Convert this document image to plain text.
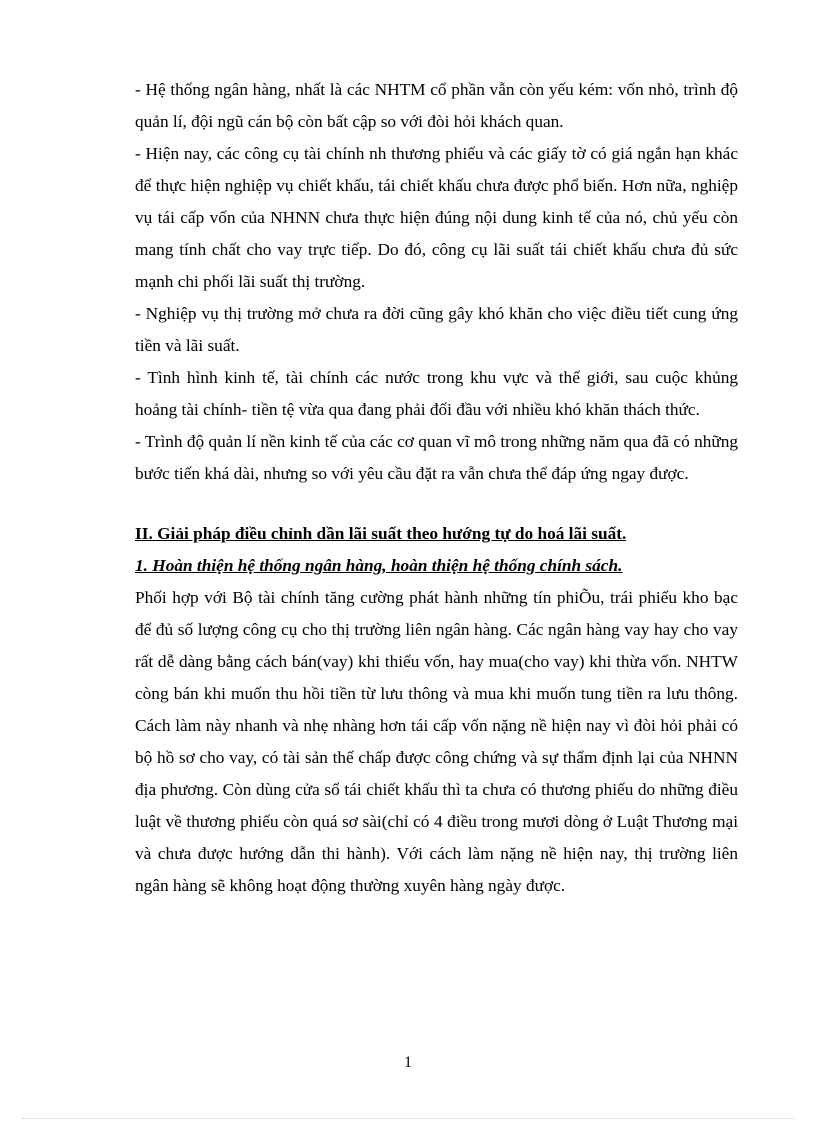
- Hệ thống ngân hàng, nhất là các NHTM cổ phần vẫn còn yếu kém: vốn nhỏ, trình độ quản lí, đội ngũ cán bộ còn bất cập so với đòi hỏi khách quan.

- Hiện nay, các công cụ tài chính nh thương phiếu và các giấy tờ có giá ngắn hạn khác để thực hiện nghiệp vụ chiết khấu, tái chiết khấu chưa được phổ biến. Hơn nữa, nghiệp vụ tái cấp vốn của NHNN chưa thực hiện đúng nội dung kinh tế của nó, chủ yếu còn mang tính chất cho vay trực tiếp. Do đó, công cụ lãi suất tái chiết khấu chưa đủ sức mạnh chi phối lãi suất thị trường.

- Nghiệp vụ thị trường mở chưa ra đời cũng gây khó khăn cho việc điều tiết cung ứng tiền và lãi suất.

- Tình hình kinh tế, tài chính các nước trong khu vực và thế giới, sau cuộc khủng hoảng tài chính- tiền tệ vừa qua đang phải đối đầu với nhiều khó khăn thách thức.

- Trình độ quản lí nền kinh tế của các cơ quan vĩ mô trong những năm qua đã có những bước tiến khá dài, nhưng so với yêu cầu đặt ra vẫn chưa thể đáp ứng ngay được.

II. Giải pháp điều chỉnh dần lãi suất theo hướng tự do hoá lãi suất.

1. Hoàn thiện hệ thống ngân hàng, hoàn thiện hệ thống chính sách.

Phối hợp với Bộ tài chính tăng cường phát hành những tín phiÕu, trái phiếu kho bạc để đủ số lượng công cụ cho thị trường liên ngân hàng. Các ngân hàng vay hay cho vay rất dễ dàng bằng cách bán(vay) khi thiếu vốn, hay mua(cho vay) khi thừa vốn. NHTW còng bán khi muốn thu hồi tiền từ lưu thông và mua khi muốn tung tiền ra lưu thông. Cách làm này nhanh và nhẹ nhàng hơn tái cấp vốn nặng nề hiện nay vì đòi hỏi phải có bộ hồ sơ cho vay, có tài sản thế chấp được công chứng và sự thẩm định lại của NHNN địa phương. Còn dùng cửa sổ tái chiết khấu thì ta chưa có thương phiếu do những điều luật về thương phiếu còn quá sơ sài(chỉ có 4 điều trong mươi dòng ở Luật Thương mại và chưa được hướng dẫn thi hành). Với cách làm nặng nề hiện nay, thị trường liên ngân hàng sẽ không hoạt động thường xuyên hàng ngày được.

1
